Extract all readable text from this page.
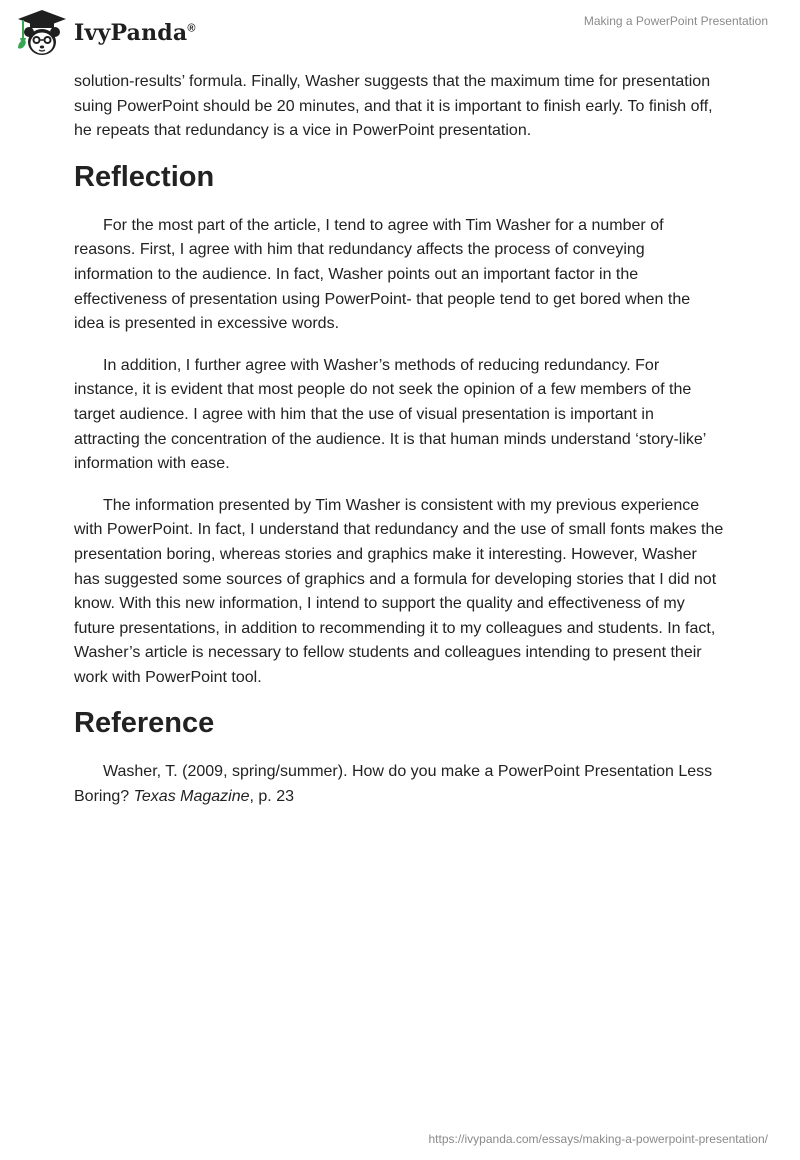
IvyPanda®
Making a PowerPoint Presentation

solution-results’ formula. Finally, Washer suggests that the maximum time for presentation suing PowerPoint should be 20 minutes, and that it is important to finish early. To finish off, he repeats that redundancy is a vice in PowerPoint presentation.

Reflection

For the most part of the article, I tend to agree with Tim Washer for a number of reasons. First, I agree with him that redundancy affects the process of conveying information to the audience. In fact, Washer points out an important factor in the effectiveness of presentation using PowerPoint- that people tend to get bored when the idea is presented in excessive words.

In addition, I further agree with Washer’s methods of reducing redundancy. For instance, it is evident that most people do not seek the opinion of a few members of the target audience. I agree with him that the use of visual presentation is important in attracting the concentration of the audience. It is that human minds understand ‘story-like’ information with ease.

The information presented by Tim Washer is consistent with my previous experience with PowerPoint. In fact, I understand that redundancy and the use of small fonts makes the presentation boring, whereas stories and graphics make it interesting. However, Washer has suggested some sources of graphics and a formula for developing stories that I did not know. With this new information, I intend to support the quality and effectiveness of my future presentations, in addition to recommending it to my colleagues and students. In fact, Washer’s article is necessary to fellow students and colleagues intending to present their work with PowerPoint tool.

Reference

Washer, T. (2009, spring/summer). How do you make a PowerPoint Presentation Less Boring? Texas Magazine, p. 23

https://ivypanda.com/essays/making-a-powerpoint-presentation/
